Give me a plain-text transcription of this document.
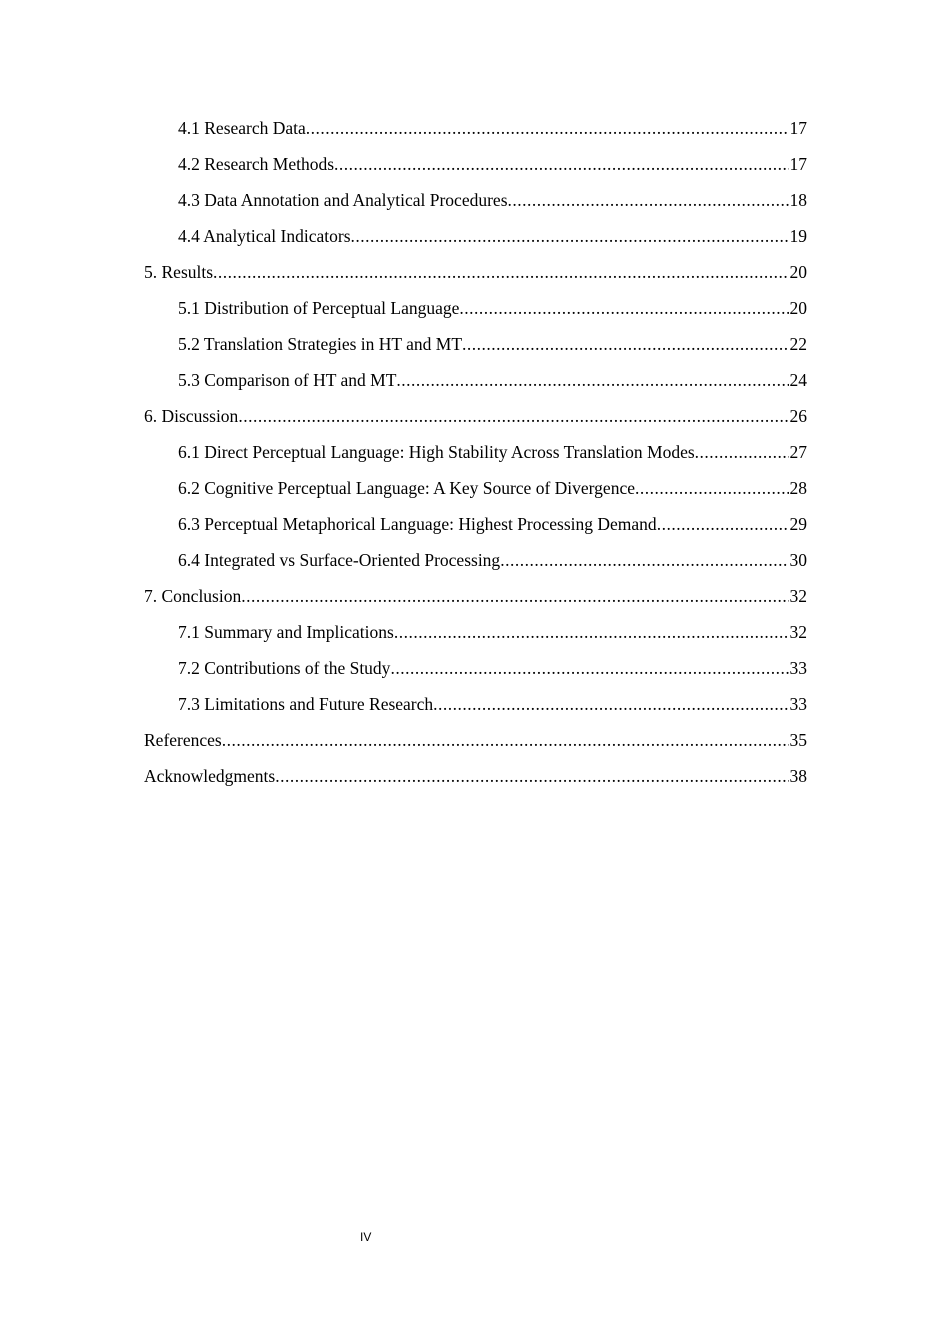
4.1 Research Data .....	17
4.2 Research Methods .....	17
4.3 Data Annotation and Analytical Procedures .....	18
4.4 Analytical Indicators .....	19
5. Results .....	20
5.1 Distribution of Perceptual Language .....	20
5.2 Translation Strategies in HT and MT .....	22
5.3 Comparison of HT and MT .....	24
6. Discussion .....	26
6.1 Direct Perceptual Language: High Stability Across Translation Modes .....	27
6.2 Cognitive Perceptual Language: A Key Source of Divergence .....	28
6.3 Perceptual Metaphorical Language: Highest Processing Demand .....	29
6.4 Integrated vs Surface-Oriented Processing .....	30
7. Conclusion .....	32
7.1 Summary and Implications .....	32
7.2 Contributions of the Study .....	33
7.3 Limitations and Future Research .....	33
References .....	35
Acknowledgments .....	38
IV
